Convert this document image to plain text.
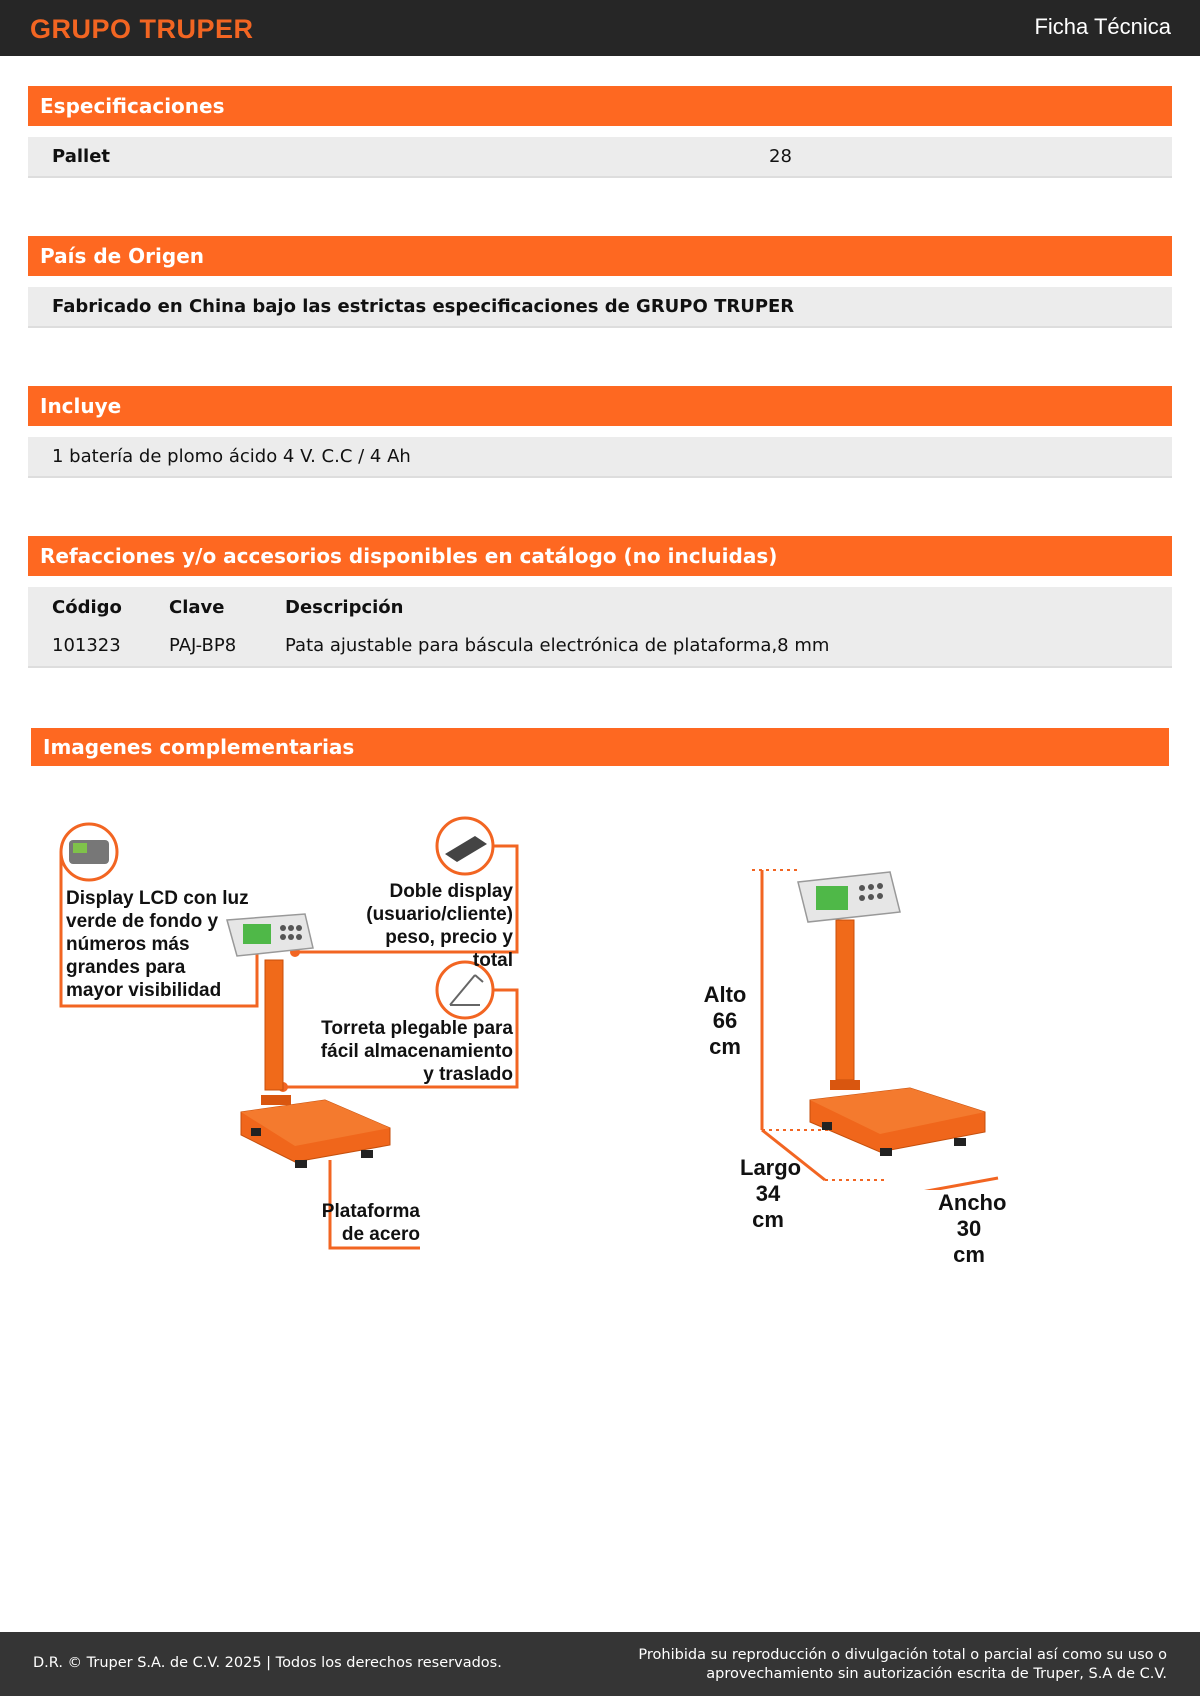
GRUPO TRUPER	Ficha Técnica
Especificaciones
Pallet	28
País de Origen
Fabricado en China bajo las estrictas especificaciones de GRUPO TRUPER
Incluye
1 batería de plomo ácido 4 V. C.C / 4 Ah
Refacciones y/o accesorios disponibles en catálogo (no incluidas)
Código	Clave	Descripción
101323	PAJ-BP8	Pata ajustable para báscula electrónica de plataforma,8 mm
Imagenes complementarias
Display LCD con luz
verde de fondo y
números más
grandes para
mayor visibilidad
Doble display
(usuario/cliente)
peso, precio y total
Torreta plegable para
fácil almacenamiento
y traslado
Plataforma
de acero
Alto
66 cm
Largo
34 cm
Ancho
30 cm
D.R. © Truper S.A. de C.V. 2025 | Todos los derechos reservados.	Prohibida su reproducción o divulgación total o parcial así como su uso o
aprovechamiento sin autorización escrita de Truper, S.A de C.V.
